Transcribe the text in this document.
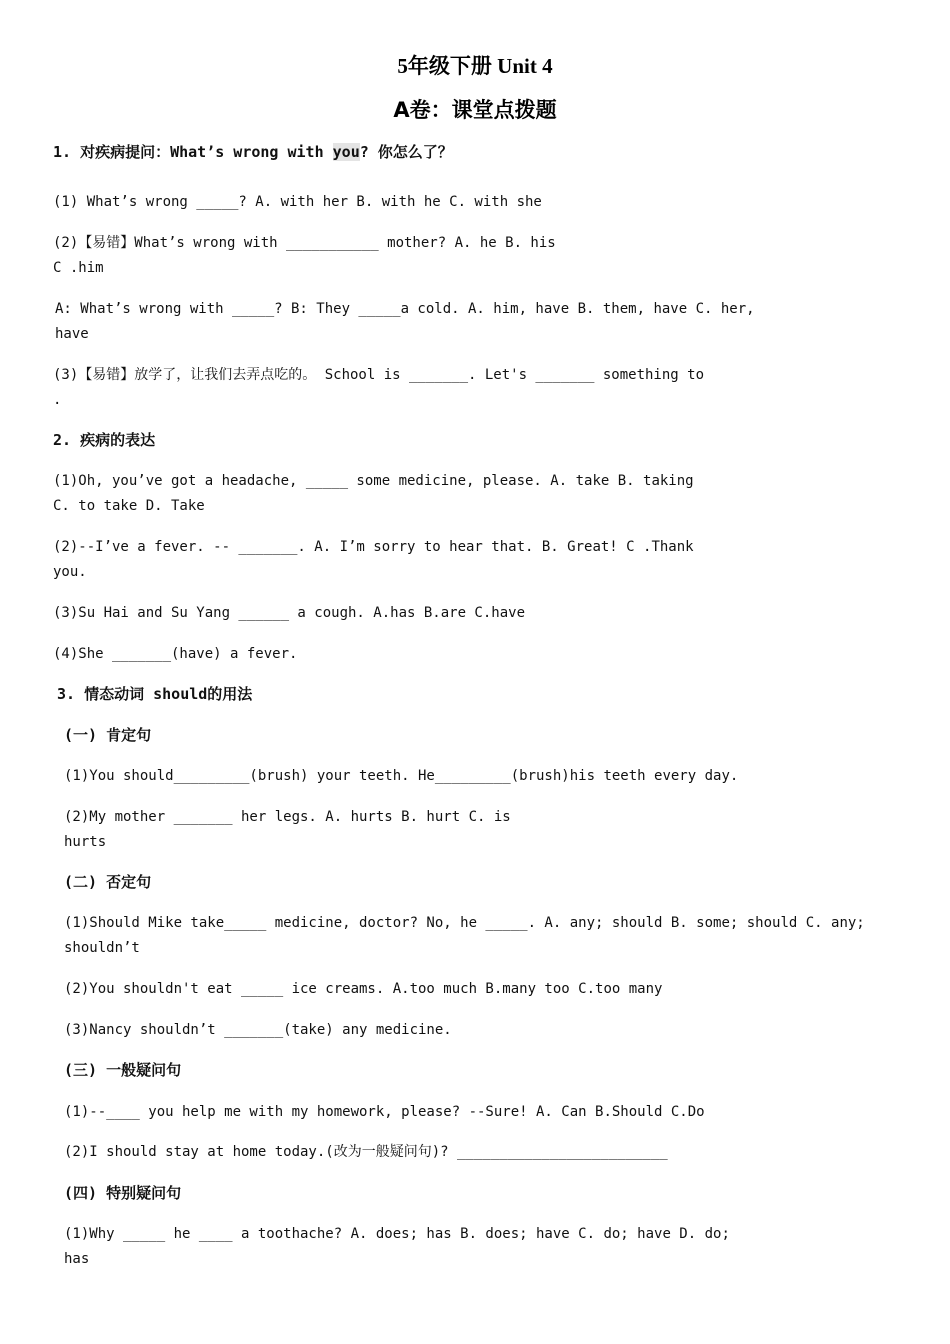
5年级下册 Unit 4
A卷：课堂点拨题
1. 对疾病提问：What’s wrong with you? 你怎么了？
(1) What’s wrong _____? A. with her B. with he C. with she
(2)【易错】What’s wrong with ___________ mother? A. he B. his
C .him
A: What’s wrong with _____? B: They _____a cold. A. him, have B. them, have C. her,
have
(3)【易错】放学了，让我们去弄点吃的。 School is _______. Let's _______ something to
.
2. 疾病的表达
(1)Oh, you’ve got a headache, _____ some medicine, please. A. take B. taking
C. to take D. Take
(2)--I’ve a fever. -- _______. A. I’m sorry to hear that. B. Great! C .Thank
you.
(3)Su Hai and Su Yang ______ a cough. A.has B.are C.have
(4)She _______(have) a fever.
3. 情态动词 should的用法
(一) 肯定句
(1)You should_________(brush) your teeth. He_________(brush)his teeth every day.
(2)My mother _______ her legs. A. hurts B. hurt C. is
hurts
(二) 否定句
(1)Should Mike take_____ medicine, doctor? No, he _____. A. any; should B. some; should C. any;
shouldn’t
(2)You shouldn't eat _____ ice creams. A.too much B.many too C.too many
(3)Nancy shouldn’t _______(take) any medicine.
(三) 一般疑问句
(1)--____ you help me with my homework, please? --Sure! A. Can B.Should C.Do
(2)I should stay at home today.(改为一般疑问句)? _________________________
(四) 特别疑问句
(1)Why _____ he ____ a toothache? A. does; has B. does; have C. do; have D. do;
has
